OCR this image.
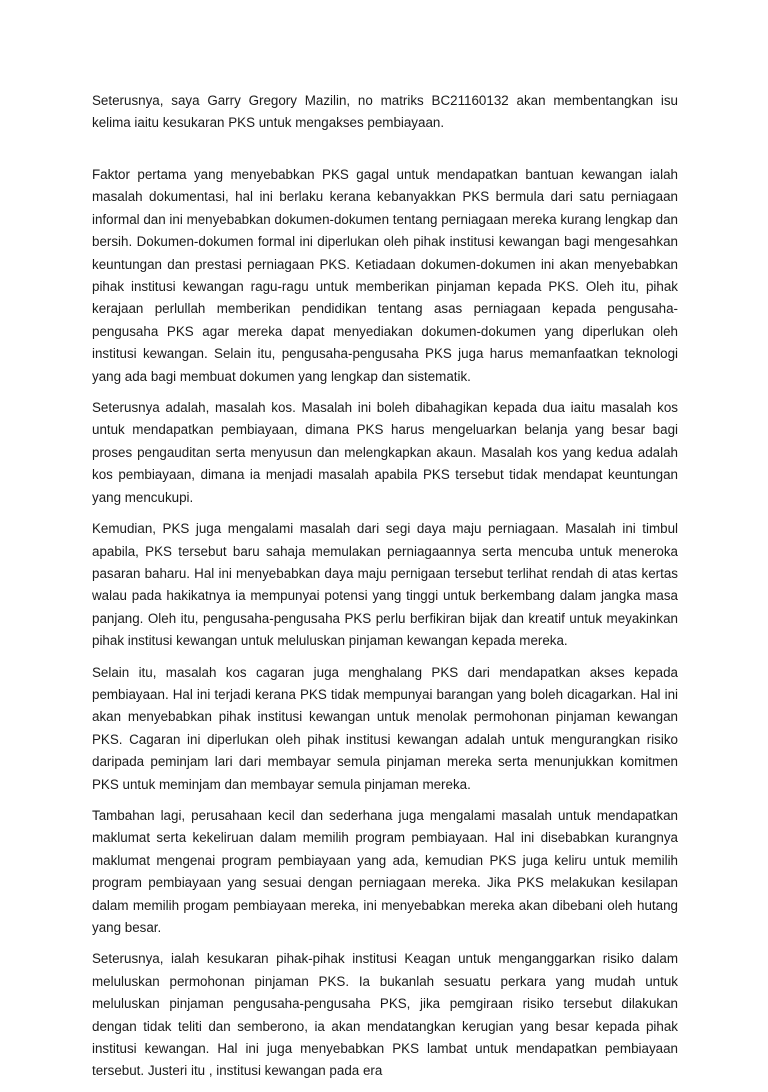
Seterusnya, saya Garry Gregory Mazilin, no matriks BC21160132 akan membentangkan isu kelima iaitu kesukaran PKS untuk mengakses pembiayaan.

Faktor pertama yang menyebabkan PKS gagal untuk mendapatkan bantuan kewangan ialah masalah dokumentasi, hal ini berlaku kerana kebanyakkan PKS bermula dari satu perniagaan informal dan ini menyebabkan dokumen-dokumen tentang perniagaan mereka kurang lengkap dan bersih. Dokumen-dokumen formal ini diperlukan oleh pihak institusi kewangan bagi mengesahkan keuntungan dan prestasi perniagaan PKS. Ketiadaan dokumen-dokumen ini akan menyebabkan pihak institusi kewangan ragu-ragu untuk memberikan pinjaman kepada PKS. Oleh itu, pihak kerajaan perlullah memberikan pendidikan tentang asas perniagaan kepada pengusaha-pengusaha PKS agar mereka dapat menyediakan dokumen-dokumen yang diperlukan oleh institusi kewangan. Selain itu, pengusaha-pengusaha PKS juga harus memanfaatkan teknologi yang ada bagi membuat dokumen yang lengkap dan sistematik.

Seterusnya adalah, masalah kos. Masalah ini boleh dibahagikan kepada dua iaitu masalah kos untuk mendapatkan pembiayaan, dimana PKS harus mengeluarkan belanja yang besar bagi proses pengauditan serta menyusun dan melengkapkan akaun. Masalah kos yang kedua adalah kos pembiayaan, dimana ia menjadi masalah apabila PKS tersebut tidak mendapat keuntungan yang mencukupi.

Kemudian, PKS juga mengalami masalah dari segi daya maju perniagaan. Masalah ini timbul apabila, PKS tersebut baru sahaja memulakan perniagaannya serta mencuba untuk meneroka pasaran baharu. Hal ini menyebabkan daya maju pernigaan tersebut terlihat rendah di atas kertas walau pada hakikatnya ia mempunyai potensi yang tinggi untuk berkembang dalam jangka masa panjang. Oleh itu, pengusaha-pengusaha PKS perlu berfikiran bijak dan kreatif untuk meyakinkan pihak institusi kewangan untuk meluluskan pinjaman kewangan kepada mereka.

Selain itu, masalah kos cagaran juga menghalang PKS dari mendapatkan akses kepada pembiayaan. Hal ini terjadi kerana PKS tidak mempunyai barangan yang boleh dicagarkan. Hal ini akan menyebabkan pihak institusi kewangan untuk menolak permohonan pinjaman kewangan PKS. Cagaran ini diperlukan oleh pihak institusi kewangan adalah untuk mengurangkan risiko daripada peminjam lari dari membayar semula pinjaman mereka serta menunjukkan komitmen PKS untuk meminjam dan membayar semula pinjaman mereka.

Tambahan lagi, perusahaan kecil dan sederhana juga mengalami masalah untuk mendapatkan maklumat serta kekeliruan dalam memilih program pembiayaan. Hal ini disebabkan kurangnya maklumat mengenai program pembiayaan yang ada, kemudian PKS juga keliru untuk memilih program pembiayaan yang sesuai dengan perniagaan mereka. Jika PKS melakukan kesilapan dalam memilih progam pembiayaan mereka, ini menyebabkan mereka akan dibebani oleh hutang yang besar.

Seterusnya, ialah kesukaran pihak-pihak institusi Keagan untuk menganggarkan risiko dalam meluluskan permohonan pinjaman PKS. Ia bukanlah sesuatu perkara yang mudah untuk meluluskan pinjaman pengusaha-pengusaha PKS, jika pemgiraan risiko tersebut dilakukan dengan tidak teliti dan semberono, ia akan mendatangkan kerugian yang besar kepada pihak institusi kewangan. Hal ini juga menyebabkan PKS lambat untuk mendapatkan pembiayaan tersebut. Justeri itu , institusi kewangan pada era
